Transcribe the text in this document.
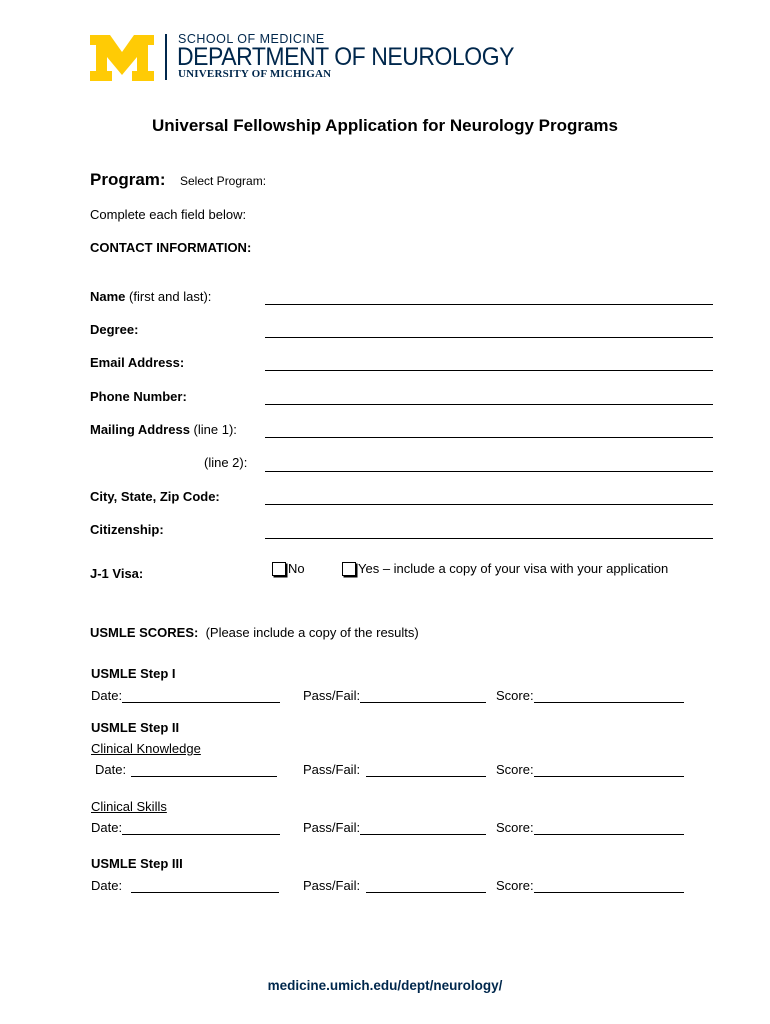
SCHOOL OF MEDICINE
DEPARTMENT OF NEUROLOGY
UNIVERSITY OF MICHIGAN
Universal Fellowship Application for Neurology Programs
Program: Select Program:
Complete each field below:
CONTACT INFORMATION:
Name (first and last):
Degree:
Email Address:
Phone Number:
Mailing Address (line 1):
(line 2):
City, State, Zip Code:
Citizenship:
J-1 Visa:	No	Yes – include a copy of your visa with your application
USMLE SCORES:  (Please include a copy of the results)
USMLE Step I
Date:	Pass/Fail:	Score:
USMLE Step II
Clinical Knowledge
Date:	Pass/Fail:	Score:
Clinical Skills
Date:	Pass/Fail:	Score:
USMLE Step III
Date:	Pass/Fail:	Score:
medicine.umich.edu/dept/neurology/
